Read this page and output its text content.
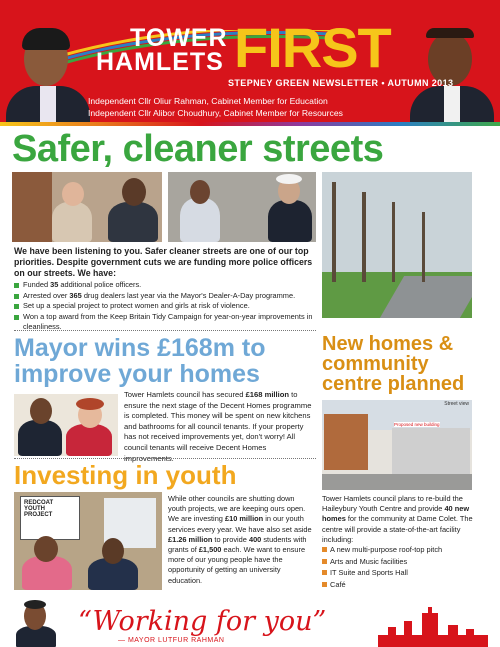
TOWER
HAMLETS FIRST
STEPNEY GREEN NEWSLETTER • AUTUMN 2013
Independent Cllr Oliur Rahman, Cabinet Member for Education
Independent Cllr Alibor Choudhury, Cabinet Member for Resources
Safer, cleaner streets
We have been listening to you. Safer cleaner streets are one of our top priorities. Despite government cuts we are funding more police officers on our streets. We have:
Funded 35 additional police officers.
Arrested over 365 drug dealers last year via the Mayor's Dealer-A-Day programme.
Set up a special project to protect women and girls at risk of violence.
Won a top award from the Keep Britain Tidy Campaign for year-on-year improvements in cleanliness.
Mayor wins £168m to
improve your homes
Tower Hamlets council has secured £168 million to ensure the next stage of the Decent Homes programme is completed. This money will be spent on new kitchens and bathrooms for all council tenants. If your property has not received improvements yet, don't worry! All council tenants will receive Decent Homes improvements.
New homes & community centre planned
Street view
Proposed new building
Tower Hamlets council plans to re-build the Haileybury Youth Centre and provide 40 new homes for the community at Dame Colet. The centre will provide a state-of-the-art facility including:
A new multi-purpose roof-top pitch
Arts and Music facilities
IT Suite and Sports Hall
Café
Investing in youth
REDCOAT
YOUTH
PROJECT
While other councils are shutting down youth projects, we are keeping ours open. We are investing £10 million in our youth services every year. We have also set aside £1.26 million to provide 400 students with grants of £1,500 each. We want to ensure more of our young people have the opportunity of getting an university education.
“Working for you”
— MAYOR LUTFUR RAHMAN
